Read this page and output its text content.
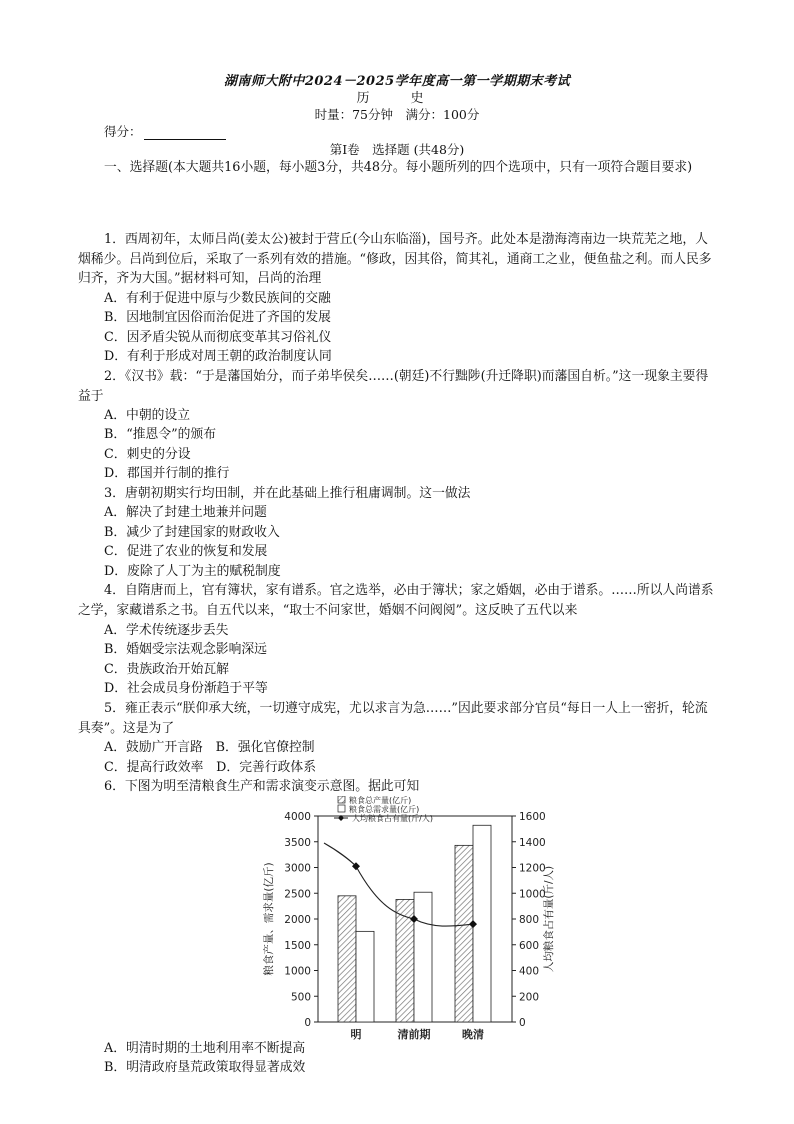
湖南师大附中2024－2025学年度高一第一学期期末考试
历　史
时量：75分钟　满分：100分
得分：
第Ⅰ卷　选择题 (共48分)
一、选择题(本大题共16小题，每小题3分，共48分。每小题所列的四个选项中，只有一项符合题目要求)
1．西周初年，太师吕尚(姜太公)被封于营丘(今山东临淄)，国号齐。此处本是渤海湾南边一块荒芜之地，人烟稀少。吕尚到位后，采取了一系列有效的措施。“修政，因其俗，简其礼，通商工之业，便鱼盐之利。而人民多归齐，齐为大国。”据材料可知，吕尚的治理
A．有利于促进中原与少数民族间的交融
B．因地制宜因俗而治促进了齐国的发展
C．因矛盾尖锐从而彻底变革其习俗礼仪
D．有利于形成对周王朝的政治制度认同
2．《汉书》载：“于是藩国始分，而子弟毕侯矣……(朝廷)不行黜陟(升迁降职)而藩国自析。”这一现象主要得益于
A．中朝的设立
B．“推恩令”的颁布
C．刺史的分设
D．郡国并行制的推行
3．唐朝初期实行均田制，并在此基础上推行租庸调制。这一做法
A．解决了封建土地兼并问题
B．减少了封建国家的财政收入
C．促进了农业的恢复和发展
D．废除了人丁为主的赋税制度
4．自隋唐而上，官有簿状，家有谱系。官之选举，必由于簿状；家之婚姻，必由于谱系。……所以人尚谱系之学，家藏谱系之书。自五代以来，“取士不问家世，婚姻不问阀阅”。这反映了五代以来
A．学术传统逐步丢失
B．婚姻受宗法观念影响深远
C．贵族政治开始瓦解
D．社会成员身份渐趋于平等
5．雍正表示“朕仰承大统，一切遵守成宪，尤以求言为急……”因此要求部分官员“每日一人上一密折，轮流具奏”。这是为了
A．鼓励广开言路　B．强化官僚控制
C．提高行政效率　D．完善行政体系
6．下图为明至清粮食生产和需求演变示意图。据此可知
0
500
1000
1500
2000
2500
3000
3500
4000
0
200
400
600
800
1000
1200
1400
1600
明	清前期	晚清
粮食总产量(亿斤)
粮食总需求量(亿斤)
人均粮食占有量(斤/人)
粮食产量、需求量(亿斤)	人均粮食占有量(斤/人)
A．明清时期的土地利用率不断提高
B．明清政府垦荒政策取得显著成效
